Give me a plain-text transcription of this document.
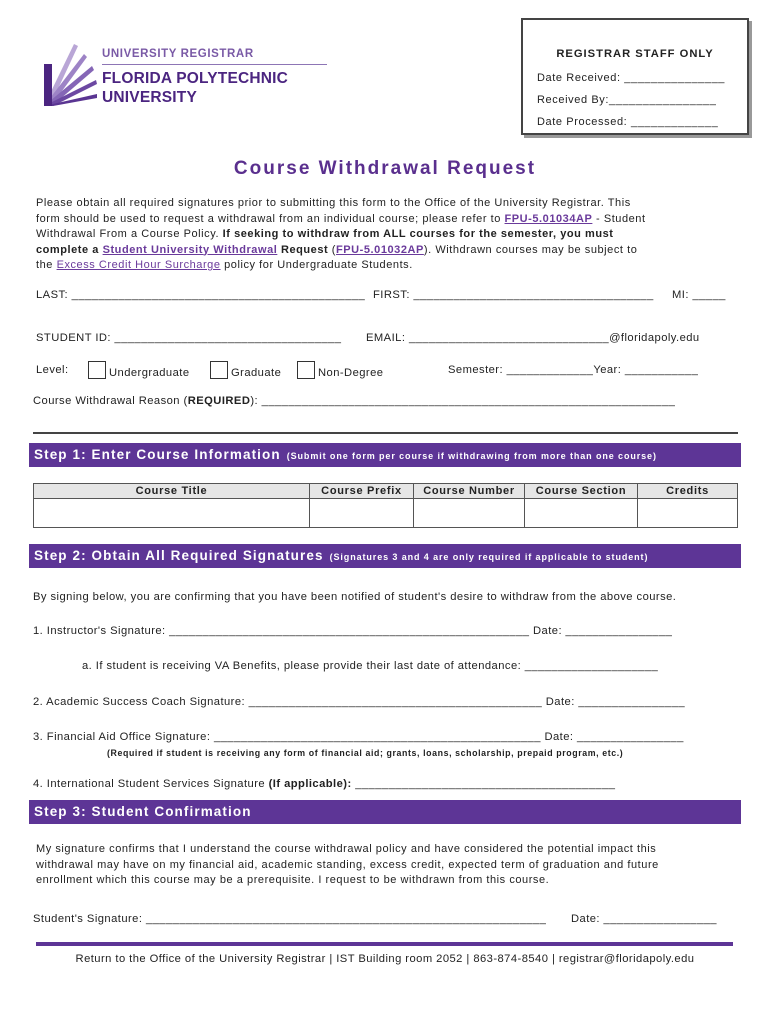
UNIVERSITY REGISTRAR
FLORIDA POLYTECHNIC
UNIVERSITY
REGISTRAR STAFF ONLY
Date Received: _______________
Received By:________________
Date Processed: _____________
Course Withdrawal Request
Please obtain all required signatures prior to submitting this form to the Office of the University Registrar. This
form should be used to request a withdrawal from an individual course; please refer to FPU-5.01034AP - Student
Withdrawal From a Course Policy. If seeking to withdraw from ALL courses for the semester, you must
complete a Student University Withdrawal Request (FPU-5.01032AP). Withdrawn courses may be subject to
the Excess Credit Hour Surcharge policy for Undergraduate Students.
LAST: ____________________________________________ FIRST: ____________________________________ MI: _____
STUDENT ID: __________________________________ EMAIL: ______________________________@floridapoly.edu
Level:	Undergraduate	Graduate	Non-Degree	Semester: _____________Year: ___________
Course Withdrawal Reason (REQUIRED): ______________________________________________________________
Step 1: Enter Course Information (Submit one form per course if withdrawing from more than one course)
Course Title	Course Prefix	Course Number	Course Section	Credits

Step 2: Obtain All Required Signatures (Signatures 3 and 4 are only required if applicable to student)
By signing below, you are confirming that you have been notified of student's desire to withdraw from the above course.
1. Instructor's Signature: ______________________________________________________ Date: ________________
a. If student is receiving VA Benefits, please provide their last date of attendance: ____________________
2. Academic Success Coach Signature: ____________________________________________ Date: ________________
3. Financial Aid Office Signature: _________________________________________________ Date: ________________
(Required if student is receiving any form of financial aid; grants, loans, scholarship, prepaid program, etc.)
4. International Student Services Signature (If applicable): _______________________________________
Step 3: Student Confirmation
My signature confirms that I understand the course withdrawal policy and have considered the potential impact this
withdrawal may have on my financial aid, academic standing, excess credit, expected term of graduation and future
enrollment which this course may be a prerequisite. I request to be withdrawn from this course.
Student's Signature: ____________________________________________________________ Date: _________________
Return to the Office of the University Registrar | IST Building room 2052 | 863-874-8540 | registrar@floridapoly.edu
